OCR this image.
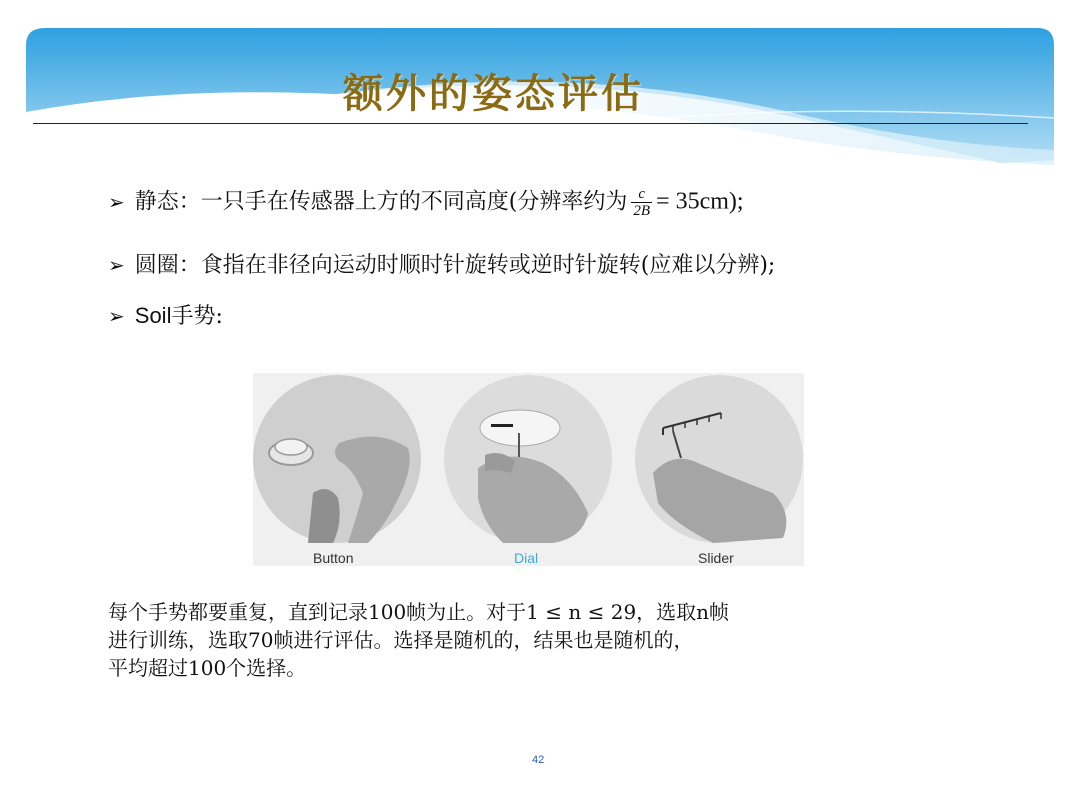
额外的姿态评估
➢ 静态：一只手在传感器上方的不同高度(分辨率约为 $\frac{c}{2B} = 35cm$);
➢ 圆圈：食指在非径向运动时顺时针旋转或逆时针旋转(应难以分辨);
➢ Soil手势:
Button	Dial	Slider
每个手势都要重复，直到记录100帧为止。对于1 ≤ n ≤ 29，选取n帧
进行训练，选取70帧进行评估。选择是随机的，结果也是随机的，
平均超过100个选择。
42
